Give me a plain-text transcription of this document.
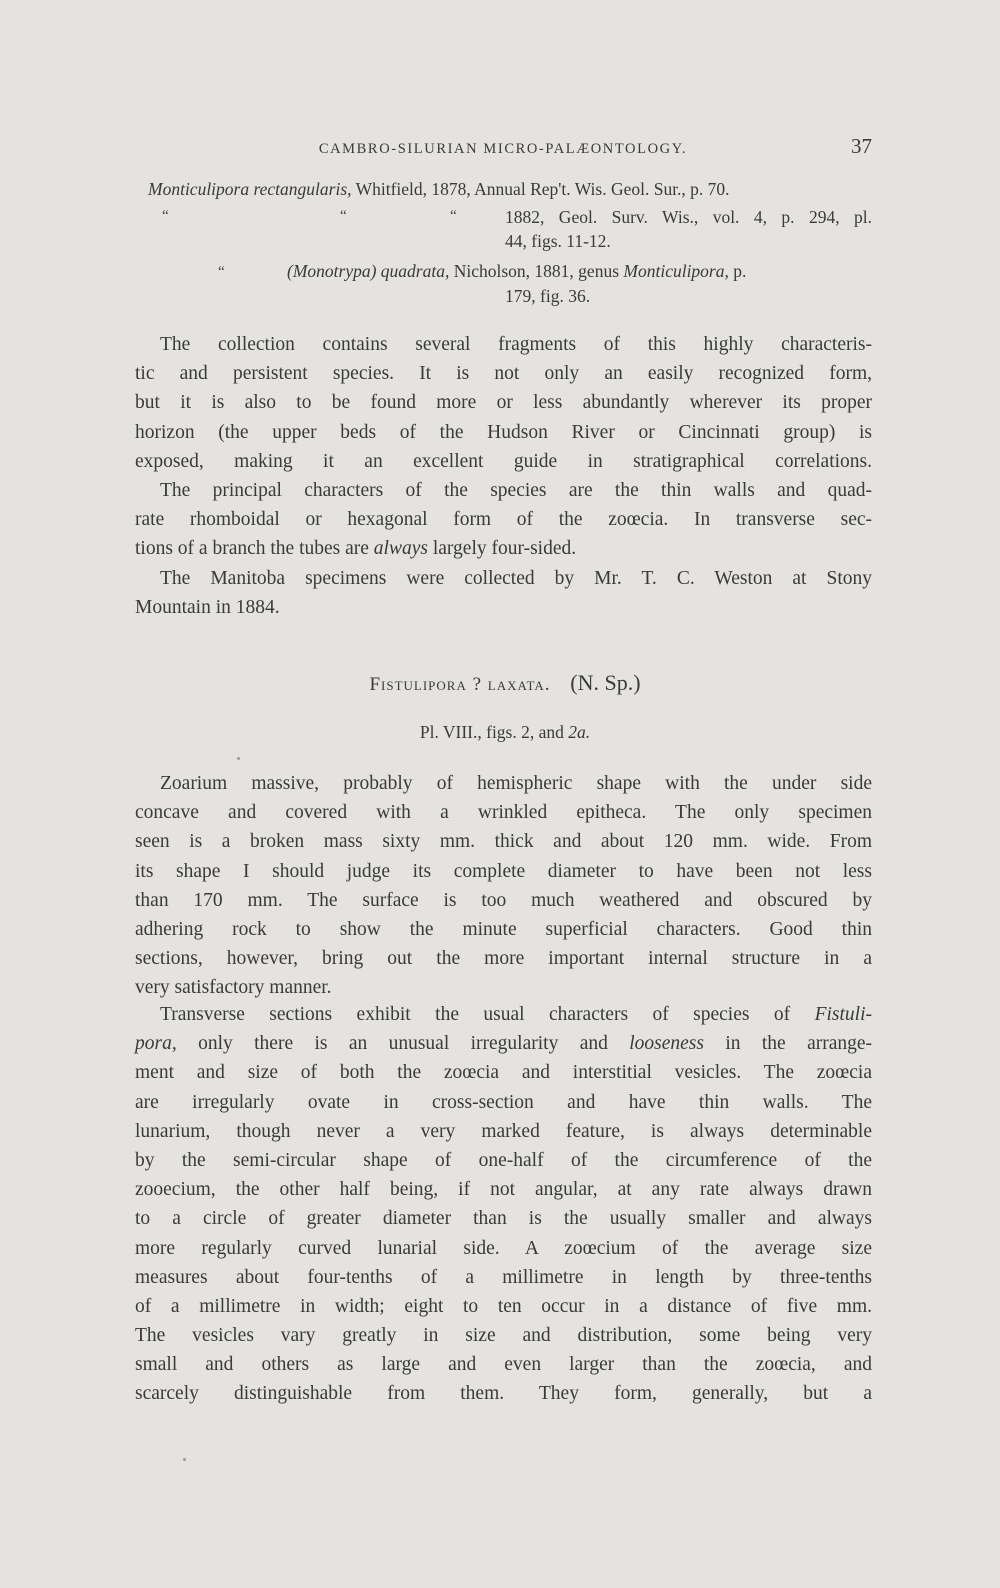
CAMBRO-SILURIAN MICRO-PALÆONTOLOGY.	37
Monticulipora rectangularis, Whitfield, 1878, Annual Rep't. Wis. Geol. Sur., p. 70.
“	“	“	1882, Geol. Surv. Wis., vol. 4, p. 294, pl.
44, figs. 11-12.
“	(Monotrypa) quadrata, Nicholson, 1881, genus Monticulipora, p.
179, fig. 36.
The collection contains several fragments of this highly characteris-
tic and persistent species. It is not only an easily recognized form,
but it is also to be found more or less abundantly wherever its proper
horizon (the upper beds of the Hudson River or Cincinnati group) is
exposed, making it an excellent guide in stratigraphical correlations.
The principal characters of the species are the thin walls and quad-
rate rhomboidal or hexagonal form of the zoœcia. In transverse sec-
tions of a branch the tubes are always largely four-sided.
The Manitoba specimens were collected by Mr. T. C. Weston at Stony
Mountain in 1884.
Fistulipora ? laxata. (N. Sp.)
Pl. VIII., figs. 2, and 2a.
Zoarium massive, probably of hemispheric shape with the under side
concave and covered with a wrinkled epitheca. The only specimen
seen is a broken mass sixty mm. thick and about 120 mm. wide. From
its shape I should judge its complete diameter to have been not less
than 170 mm. The surface is too much weathered and obscured by
adhering rock to show the minute superficial characters. Good thin
sections, however, bring out the more important internal structure in a
very satisfactory manner.
Transverse sections exhibit the usual characters of species of Fistuli-
pora, only there is an unusual irregularity and looseness in the arrange-
ment and size of both the zoœcia and interstitial vesicles. The zoœcia
are irregularly ovate in cross-section and have thin walls. The
lunarium, though never a very marked feature, is always determinable
by the semi-circular shape of one-half of the circumference of the
zooecium, the other half being, if not angular, at any rate always drawn
to a circle of greater diameter than is the usually smaller and always
more regularly curved lunarial side. A zoœcium of the average size
measures about four-tenths of a millimetre in length by three-tenths
of a millimetre in width; eight to ten occur in a distance of five mm.
The vesicles vary greatly in size and distribution, some being very
small and others as large and even larger than the zoœcia, and
scarcely distinguishable from them. They form, generally, but a
